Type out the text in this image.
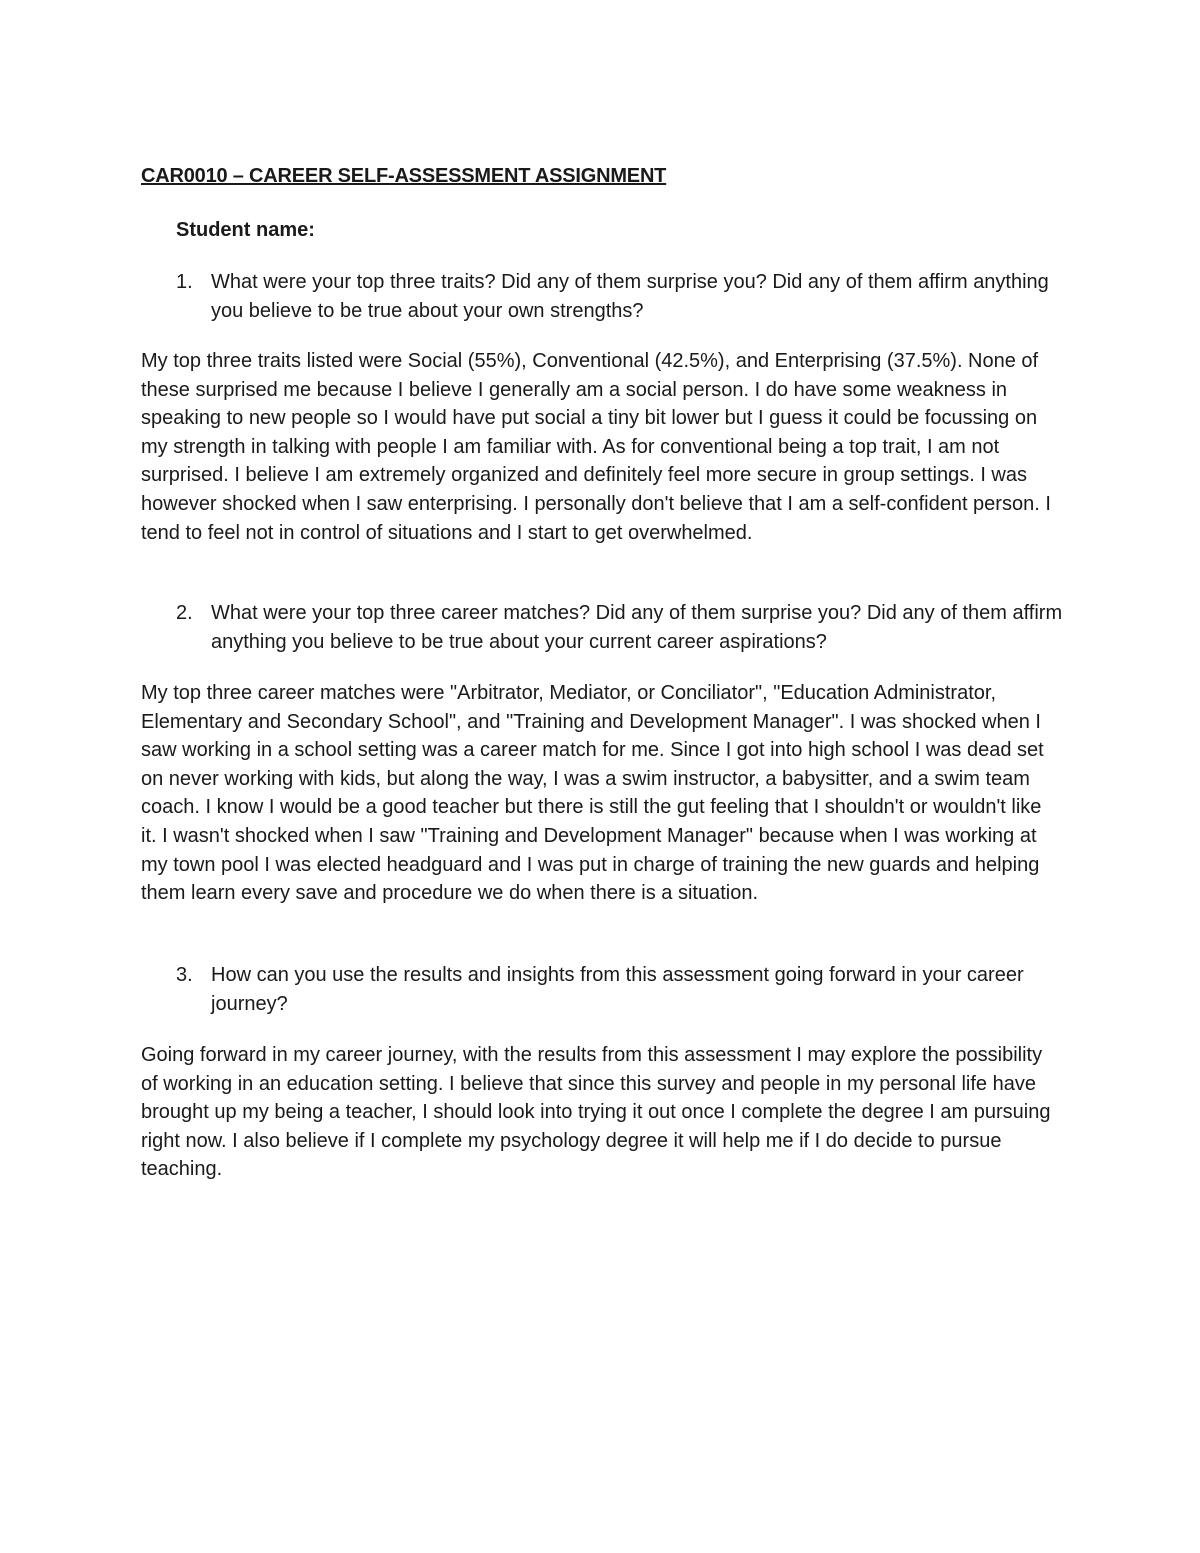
CAR0010 – CAREER SELF-ASSESSMENT ASSIGNMENT

Student name:

1. What were your top three traits? Did any of them surprise you? Did any of them affirm anything you believe to be true about your own strengths?

My top three traits listed were Social (55%), Conventional (42.5%), and Enterprising (37.5%). None of these surprised me because I believe I generally am a social person. I do have some weakness in speaking to new people so I would have put social a tiny bit lower but I guess it could be focussing on my strength in talking with people I am familiar with. As for conventional being a top trait, I am not surprised. I believe I am extremely organized and definitely feel more secure in group settings. I was however shocked when I saw enterprising. I personally don't believe that I am a self-confident person. I tend to feel not in control of situations and I start to get overwhelmed.

2. What were your top three career matches? Did any of them surprise you? Did any of them affirm anything you believe to be true about your current career aspirations?

My top three career matches were "Arbitrator, Mediator, or Conciliator", "Education Administrator, Elementary and Secondary School", and "Training and Development Manager". I was shocked when I saw working in a school setting was a career match for me. Since I got into high school I was dead set on never working with kids, but along the way, I was a swim instructor, a babysitter, and a swim team coach. I know I would be a good teacher but there is still the gut feeling that I shouldn't or wouldn't like it. I wasn't shocked when I saw "Training and Development Manager" because when I was working at my town pool I was elected headguard and I was put in charge of training the new guards and helping them learn every save and procedure we do when there is a situation.

3. How can you use the results and insights from this assessment going forward in your career journey?

Going forward in my career journey, with the results from this assessment I may explore the possibility of working in an education setting. I believe that since this survey and people in my personal life have brought up my being a teacher, I should look into trying it out once I complete the degree I am pursuing right now. I also believe if I complete my psychology degree it will help me if I do decide to pursue teaching.
